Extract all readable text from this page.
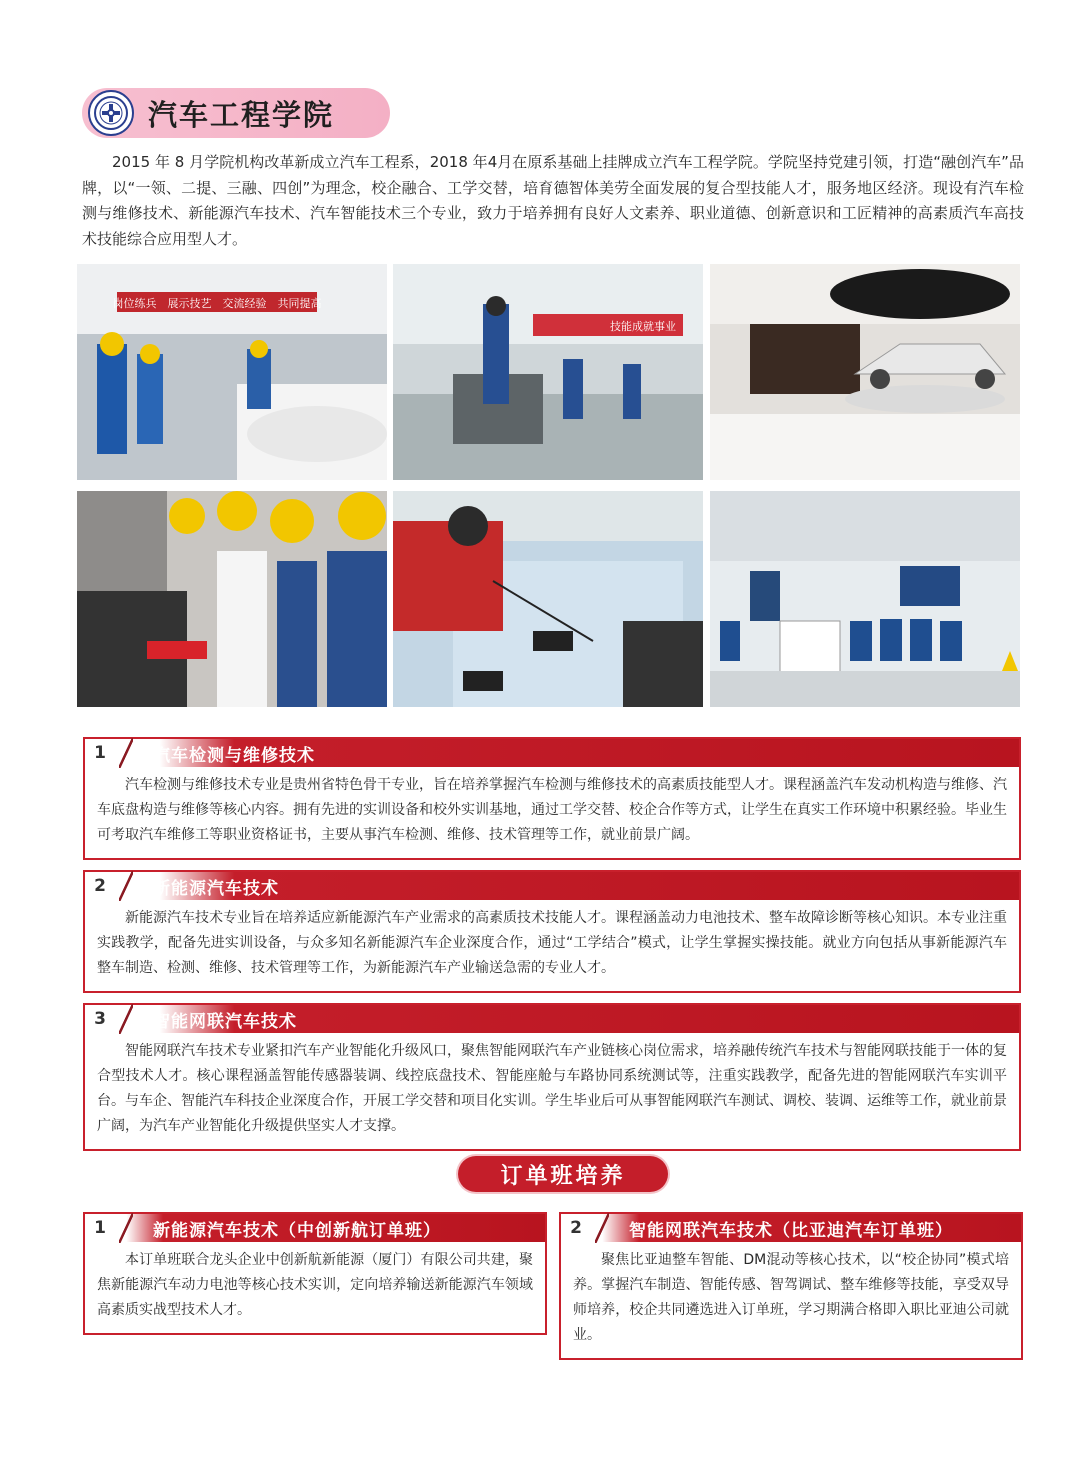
汽车工程学院

2015 年 8 月学院机构改革新成立汽车工程系，2018 年4月在原系基础上挂牌成立汽车工程学院。学院坚持党建引领，打造“融创汽车”品牌，以“一领、二提、三融、四创”为理念，校企融合、工学交替，培育德智体美劳全面发展的复合型技能人才，服务地区经济。现设有汽车检测与维修技术、新能源汽车技术、汽车智能技术三个专业，致力于培养拥有良好人文素养、职业道德、创新意识和工匠精神的高素质汽车高技术技能综合应用型人才。

岗位练兵　展示技艺　交流经验　共同提高
技能成就事业
1	汽车检测与维修技术

汽车检测与维修技术专业是贵州省特色骨干专业，旨在培养掌握汽车检测与维修技术的高素质技能型人才。课程涵盖汽车发动机构造与维修、汽车底盘构造与维修等核心内容。拥有先进的实训设备和校外实训基地，通过工学交替、校企合作等方式，让学生在真实工作环境中积累经验。毕业生可考取汽车维修工等职业资格证书，主要从事汽车检测、维修、技术管理等工作，就业前景广阔。

2	新能源汽车技术

新能源汽车技术专业旨在培养适应新能源汽车产业需求的高素质技术技能人才。课程涵盖动力电池技术、整车故障诊断等核心知识。本专业注重实践教学，配备先进实训设备，与众多知名新能源汽车企业深度合作，通过“工学结合”模式，让学生掌握实操技能。就业方向包括从事新能源汽车整车制造、检测、维修、技术管理等工作，为新能源汽车产业输送急需的专业人才。

3	智能网联汽车技术

智能网联汽车技术专业紧扣汽车产业智能化升级风口，聚焦智能网联汽车产业链核心岗位需求，培养融传统汽车技术与智能网联技能于一体的复合型技术人才。核心课程涵盖智能传感器装调、线控底盘技术、智能座舱与车路协同系统测试等，注重实践教学，配备先进的智能网联汽车实训平台。与车企、智能汽车科技企业深度合作，开展工学交替和项目化实训。学生毕业后可从事智能网联汽车测试、调校、装调、运维等工作，就业前景广阔，为汽车产业智能化升级提供坚实人才支撑。

订单班培养
1	新能源汽车技术（中创新航订单班）

本订单班联合龙头企业中创新航新能源（厦门）有限公司共建，聚焦新能源汽车动力电池等核心技术实训，定向培养输送新能源汽车领域高素质实战型技术人才。

2	智能网联汽车技术（比亚迪汽车订单班）

聚焦比亚迪整车智能、DM混动等核心技术，以“校企协同”模式培养。掌握汽车制造、智能传感、智驾调试、整车维修等技能，享受双导师培养，校企共同遴选进入订单班，学习期满合格即入职比亚迪公司就业。
